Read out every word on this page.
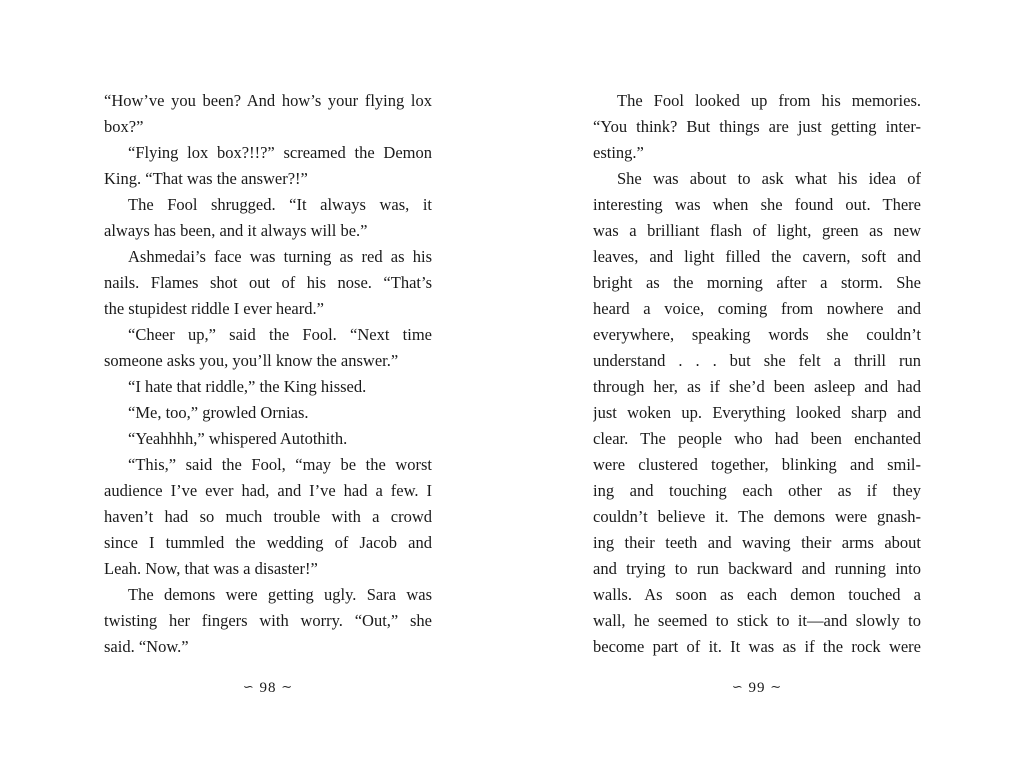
“How’ve you been? And how’s your flying lox
box?”
“Flying lox box?!!?” screamed the Demon
King. “That was the answer?!”
The Fool shrugged. “It always was, it
always has been, and it always will be.”
Ashmedai’s face was turning as red as his
nails. Flames shot out of his nose. “That’s
the stupidest riddle I ever heard.”
“Cheer up,” said the Fool. “Next time
someone asks you, you’ll know the answer.”
“I hate that riddle,” the King hissed.
“Me, too,” growled Ornias.
“Yeahhhh,” whispered Autothith.
“This,” said the Fool, “may be the worst
audience I’ve ever had, and I’ve had a few. I
haven’t had so much trouble with a crowd
since I tummled the wedding of Jacob and
Leah. Now, that was a disaster!”
The demons were getting ugly. Sara was
twisting her fingers with worry. “Out,” she
said. “Now.”
The Fool looked up from his memories.
“You think? But things are just getting inter-
esting.”
She was about to ask what his idea of
interesting was when she found out. There
was a brilliant flash of light, green as new
leaves, and light filled the cavern, soft and
bright as the morning after a storm. She
heard a voice, coming from nowhere and
everywhere, speaking words she couldn’t
understand . . . but she felt a thrill run
through her, as if she’d been asleep and had
just woken up. Everything looked sharp and
clear. The people who had been enchanted
were clustered together, blinking and smil-
ing and touching each other as if they
couldn’t believe it. The demons were gnash-
ing their teeth and waving their arms about
and trying to run backward and running into
walls. As soon as each demon touched a
wall, he seemed to stick to it—and slowly to
become part of it. It was as if the rock were
∽ 98 ∼	∽ 99 ∼
